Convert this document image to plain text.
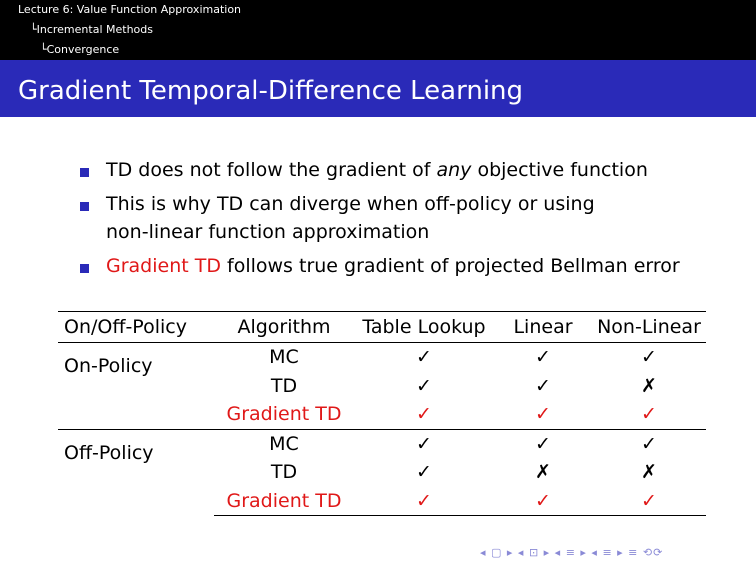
Lecture 6: Value Function Approximation
└Incremental Methods
└Convergence
Gradient Temporal-Difference Learning
TD does not follow the gradient of any objective function
This is why TD can diverge when off-policy or using non-linear function approximation
Gradient TD follows true gradient of projected Bellman error
On/Off-Policy	Algorithm	Table Lookup	Linear	Non-Linear
On-Policy	MC	✓	✓	✓
	TD	✓	✓	✗
	Gradient TD	✓	✓	✓
Off-Policy	MC	✓	✓	✓
	TD	✓	✗	✗
	Gradient TD	✓	✓	✓
◂ ▢ ▸ ◂ ⊡ ▸ ◂ ≡ ▸ ◂ ≡ ▸ ≡ ⟲⟳
